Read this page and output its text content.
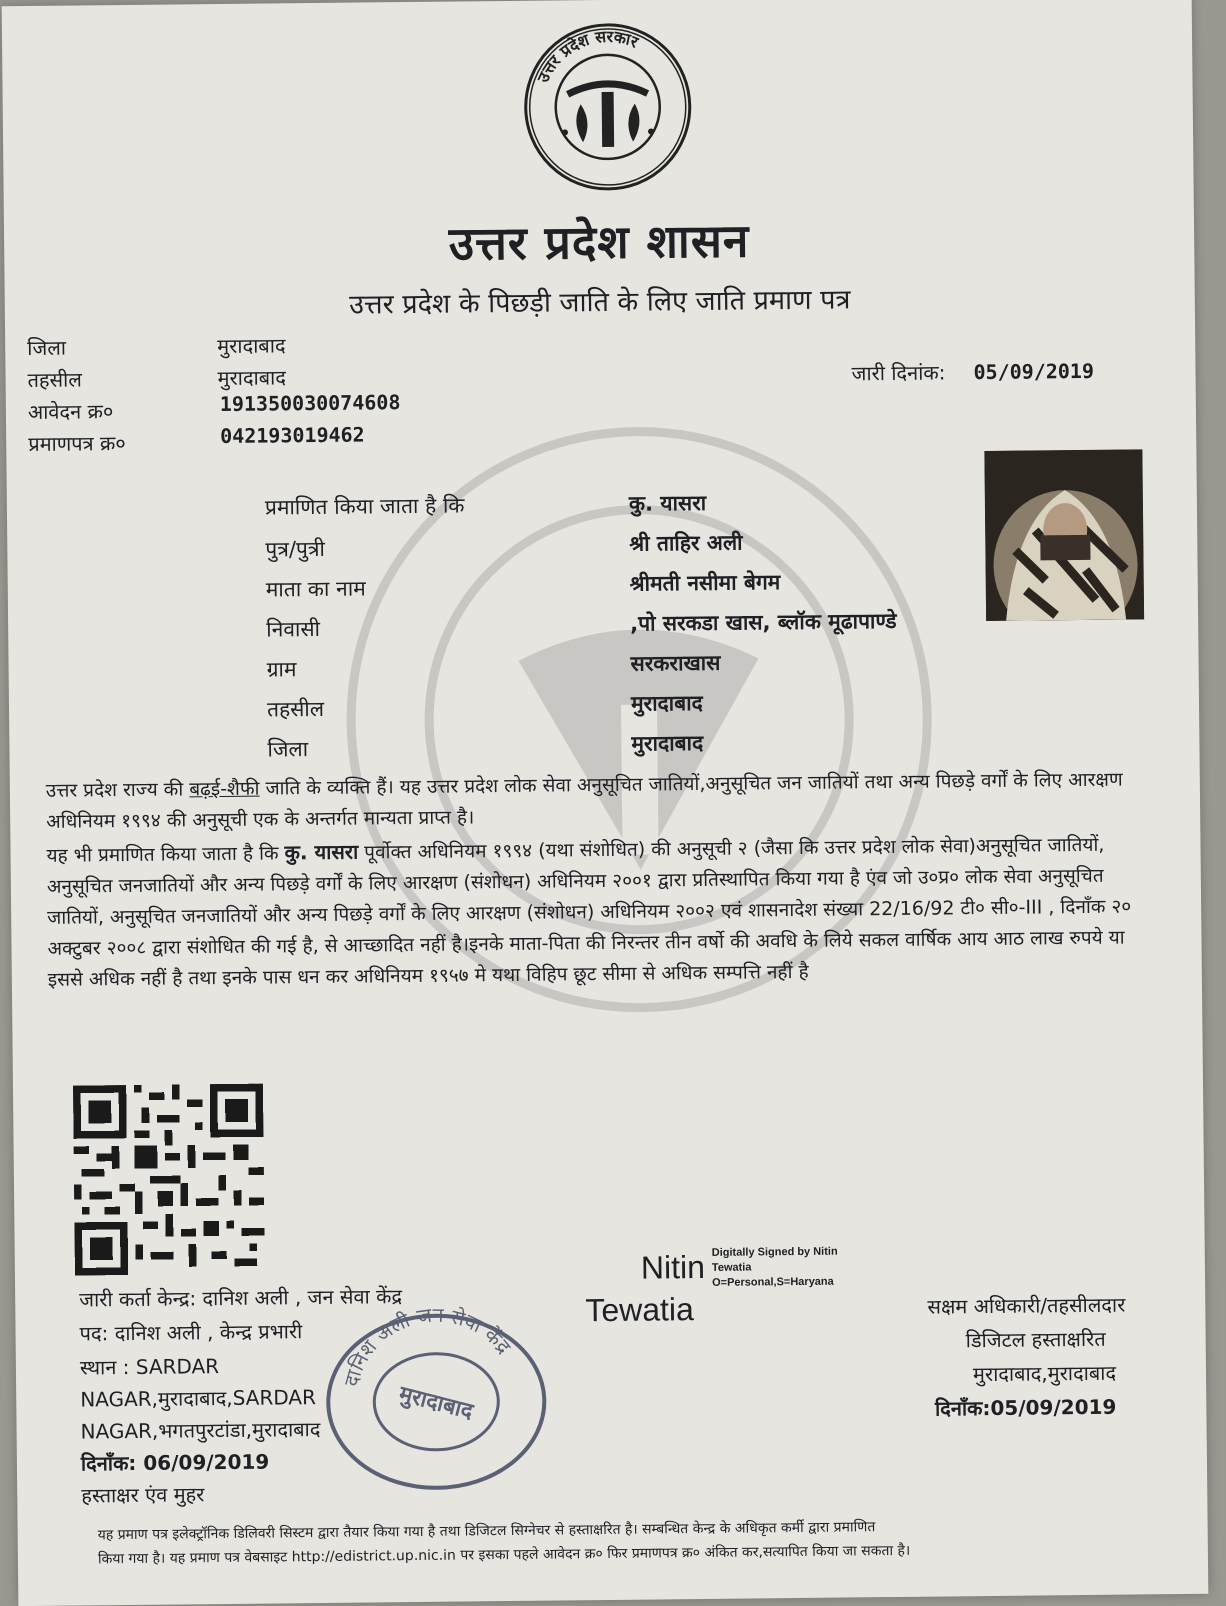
उत्तर प्रदेश सरकार
उत्तर प्रदेश शासन
उत्तर प्रदेश के पिछड़ी जाति के लिए जाति प्रमाण पत्र
जिला	मुरादाबाद
तहसील	मुरादाबाद
आवेदन क्र०	191350030074608
प्रमाणपत्र क्र०	042193019462
जारी दिनांक: 05/09/2019
प्रमाणित किया जाता है कि	कु. यासरा
पुत्र/पुत्री	श्री ताहिर अली
माता का नाम	श्रीमती नसीमा बेगम
निवासी	,पो सरकडा खास, ब्लॉक मूढापाण्डे
ग्राम	सरकराखास
तहसील	मुरादाबाद
जिला	मुरादाबाद
उत्तर प्रदेश राज्य की बढ़ई-शैफी जाति के व्यक्ति हैं। यह उत्तर प्रदेश लोक सेवा अनुसूचित जातियों,अनुसूचित जन जातियों तथा अन्य पिछड़े वर्गों के लिए आरक्षण अधिनियम १९९४ की अनुसूची एक के अन्तर्गत मान्यता प्राप्त है।
यह भी प्रमाणित किया जाता है कि कु. यासरा पूर्वोक्त अधिनियम १९९४ (यथा संशोधित) की अनुसूची २ (जैसा कि उत्तर प्रदेश लोक सेवा)अनुसूचित जातियों, अनुसूचित जनजातियों और अन्य पिछड़े वर्गों के लिए आरक्षण (संशोधन) अधिनियम २००१ द्वारा प्रतिस्थापित किया गया है एंव जो उ०प्र० लोक सेवा अनुसूचित जातियों, अनुसूचित जनजातियों और अन्य पिछड़े वर्गों के लिए आरक्षण (संशोधन) अधिनियम २००२ एवं शासनादेश संख्या 22/16/92 टी० सी०-III , दिनाँक २० अक्टुबर २००८ द्वारा संशोधित की गई है, से आच्छादित नहीं है।इनके माता-पिता की निरन्तर तीन वर्षो की अवधि के लिये सकल वार्षिक आय आठ लाख रुपये या इससे अधिक नहीं है तथा इनके पास धन कर अधिनियम १९५७ मे यथा विहिप छूट सीमा से अधिक सम्पत्ति नहीं है
जारी कर्ता केन्द्र: दानिश अली , जन सेवा केंद्र
पद: दानिश अली , केन्द्र प्रभारी
स्थान : SARDAR
NAGAR,मुरादाबाद,SARDAR
NAGAR,भगतपुरटांडा,मुरादाबाद
दिनाँक: 06/09/2019
हस्ताक्षर एंव मुहर
Nitin
Tewatia
Digitally Signed by Nitin
Tewatia
O=Personal,S=Haryana
सक्षम अधिकारी/तहसीलदार
डिजिटल हस्ताक्षरित
मुरादाबाद,मुरादाबाद
दिनाँक:05/09/2019
दानिश अली जन सेवा केंद्र
मुरादाबाद
यह प्रमाण पत्र इलेक्ट्रॉनिक डिलिवरी सिस्टम द्वारा तैयार किया गया है तथा डिजिटल सिग्नेचर से हस्ताक्षरित है। सम्बन्धित केन्द्र के अधिकृत कर्मी द्वारा प्रमाणित
किया गया है। यह प्रमाण पत्र वेबसाइट http://edistrict.up.nic.in पर इसका पहले आवेदन क्र० फिर प्रमाणपत्र क्र० अंकित कर,सत्यापित किया जा सकता है।
